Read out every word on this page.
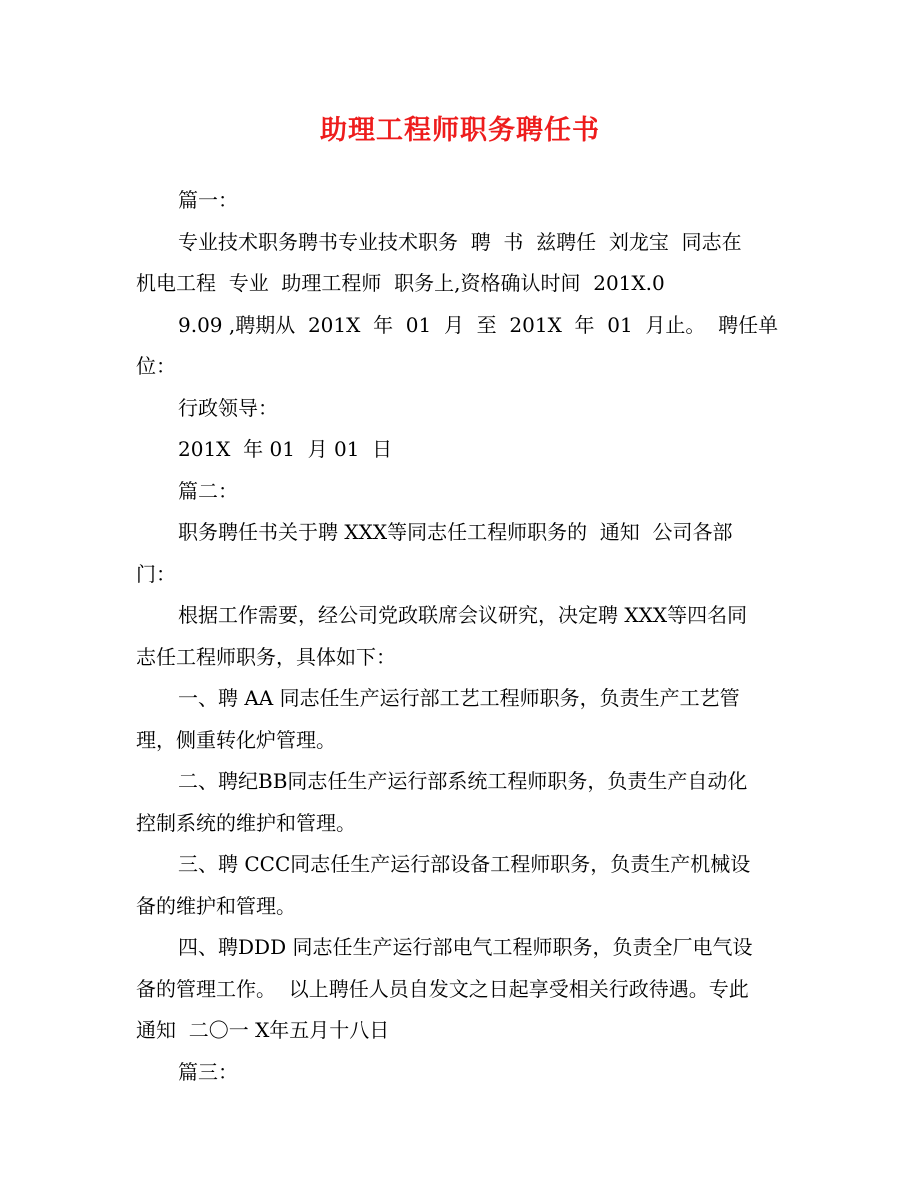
助理工程师职务聘任书
篇一：
专业技术职务聘书专业技术职务  聘  书  兹聘任  刘龙宝  同志在
机电工程  专业  助理工程师  职务上,资格确认时间  201X.0
9.09 ,聘期从  201X  年  01  月  至  201X  年  01  月止。  聘任单
位：
行政领导：
201X  年 01  月 01  日
篇二：
职务聘任书关于聘 XXX等同志任工程师职务的  通知  公司各部
门：
根据工作需要，经公司党政联席会议研究，决定聘 XXX等四名同
志任工程师职务，具体如下：
一、聘 AA 同志任生产运行部工艺工程师职务，负责生产工艺管
理，侧重转化炉管理。
二、聘纪BB同志任生产运行部系统工程师职务，负责生产自动化
控制系统的维护和管理。
三、聘 CCC同志任生产运行部设备工程师职务，负责生产机械设
备的维护和管理。
四、聘DDD 同志任生产运行部电气工程师职务，负责全厂电气设
备的管理工作。  以上聘任人员自发文之日起享受相关行政待遇。专此
通知  二〇一 X年五月十八日
篇三：
